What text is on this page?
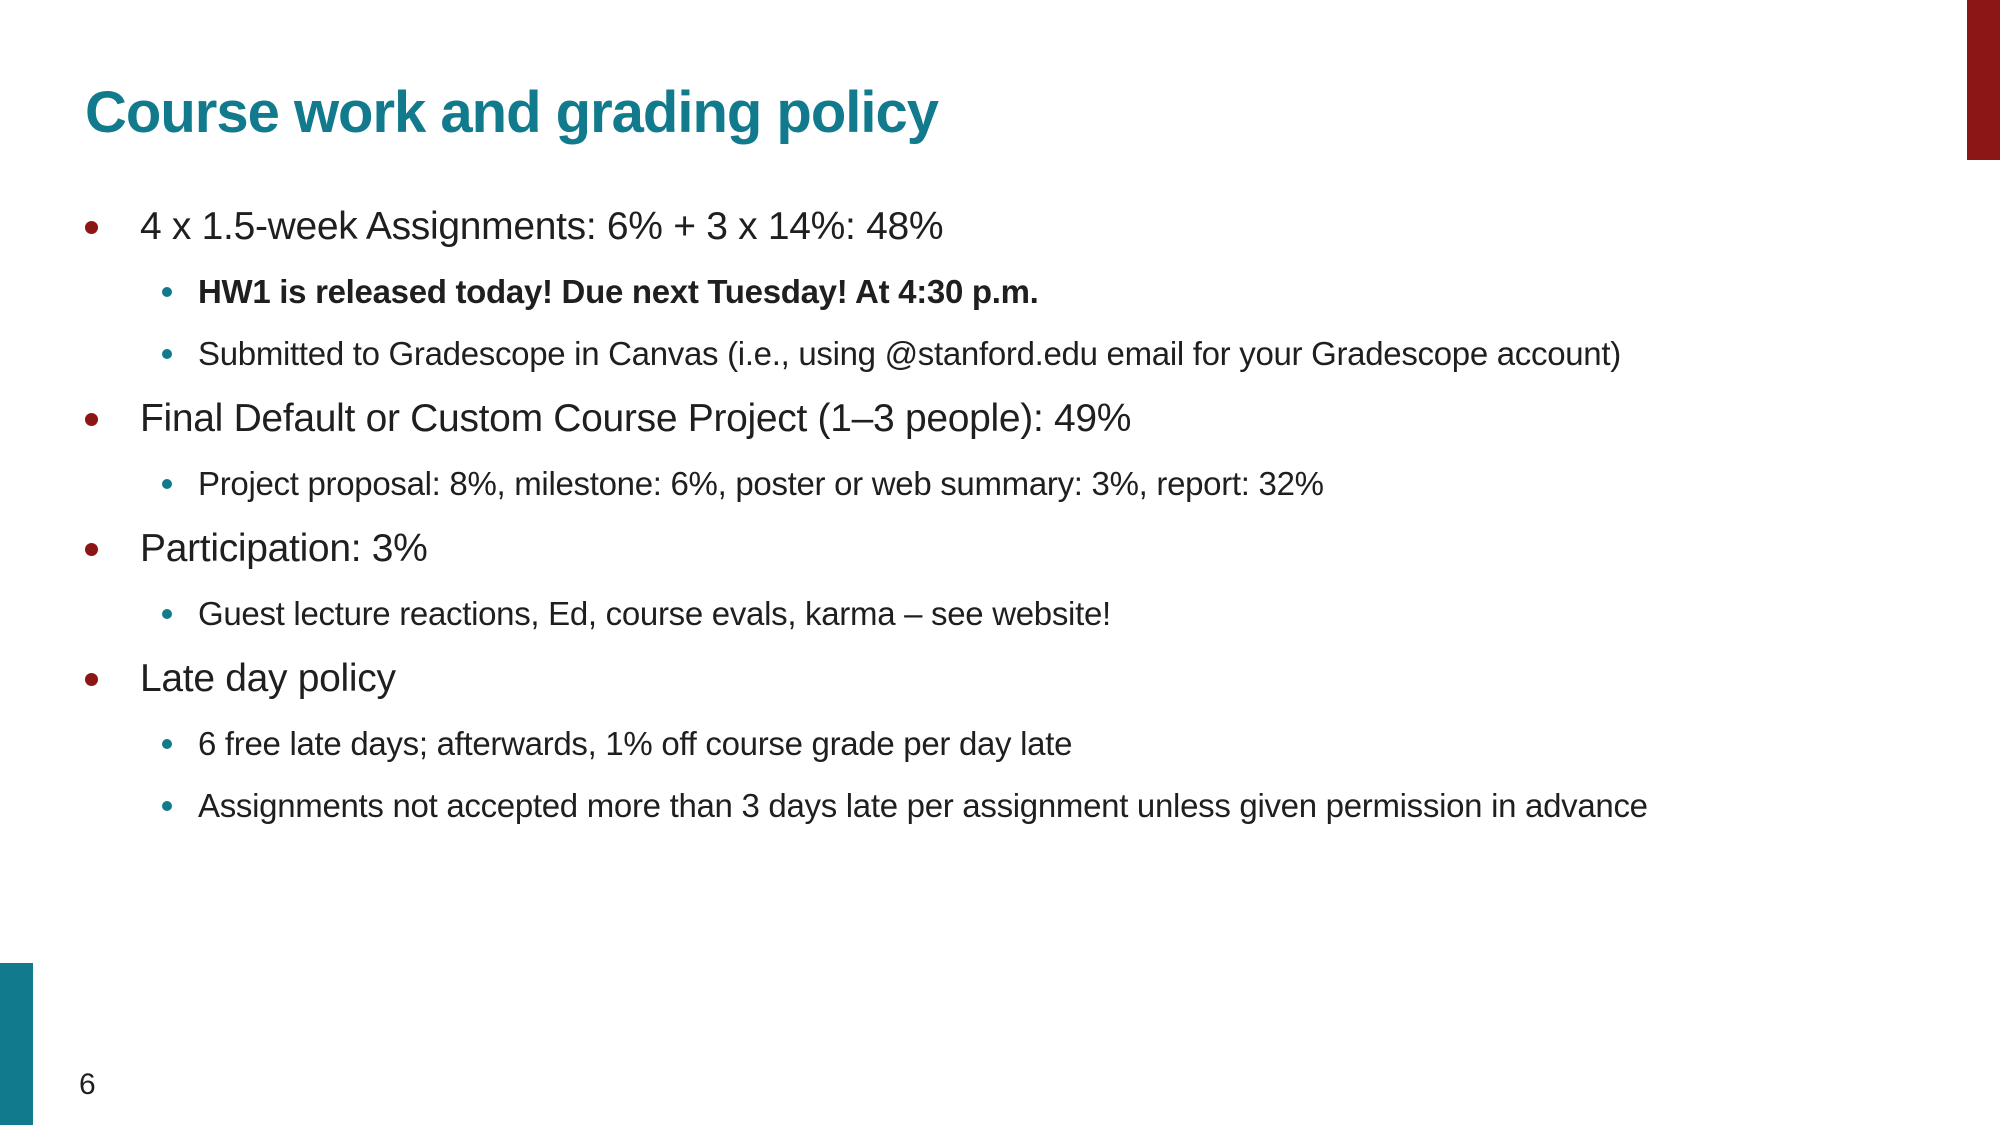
Course work and grading policy
4 x 1.5-week Assignments: 6% + 3 x 14%: 48%
HW1 is released today! Due next Tuesday! At 4:30 p.m.
Submitted to Gradescope in Canvas (i.e., using @stanford.edu email for your Gradescope account)
Final Default or Custom Course Project (1–3 people): 49%
Project proposal: 8%, milestone: 6%, poster or web summary: 3%, report: 32%
Participation: 3%
Guest lecture reactions, Ed, course evals, karma – see website!
Late day policy
6 free late days; afterwards, 1% off course grade per day late
Assignments not accepted more than 3 days late per assignment unless given permission in advance
6
